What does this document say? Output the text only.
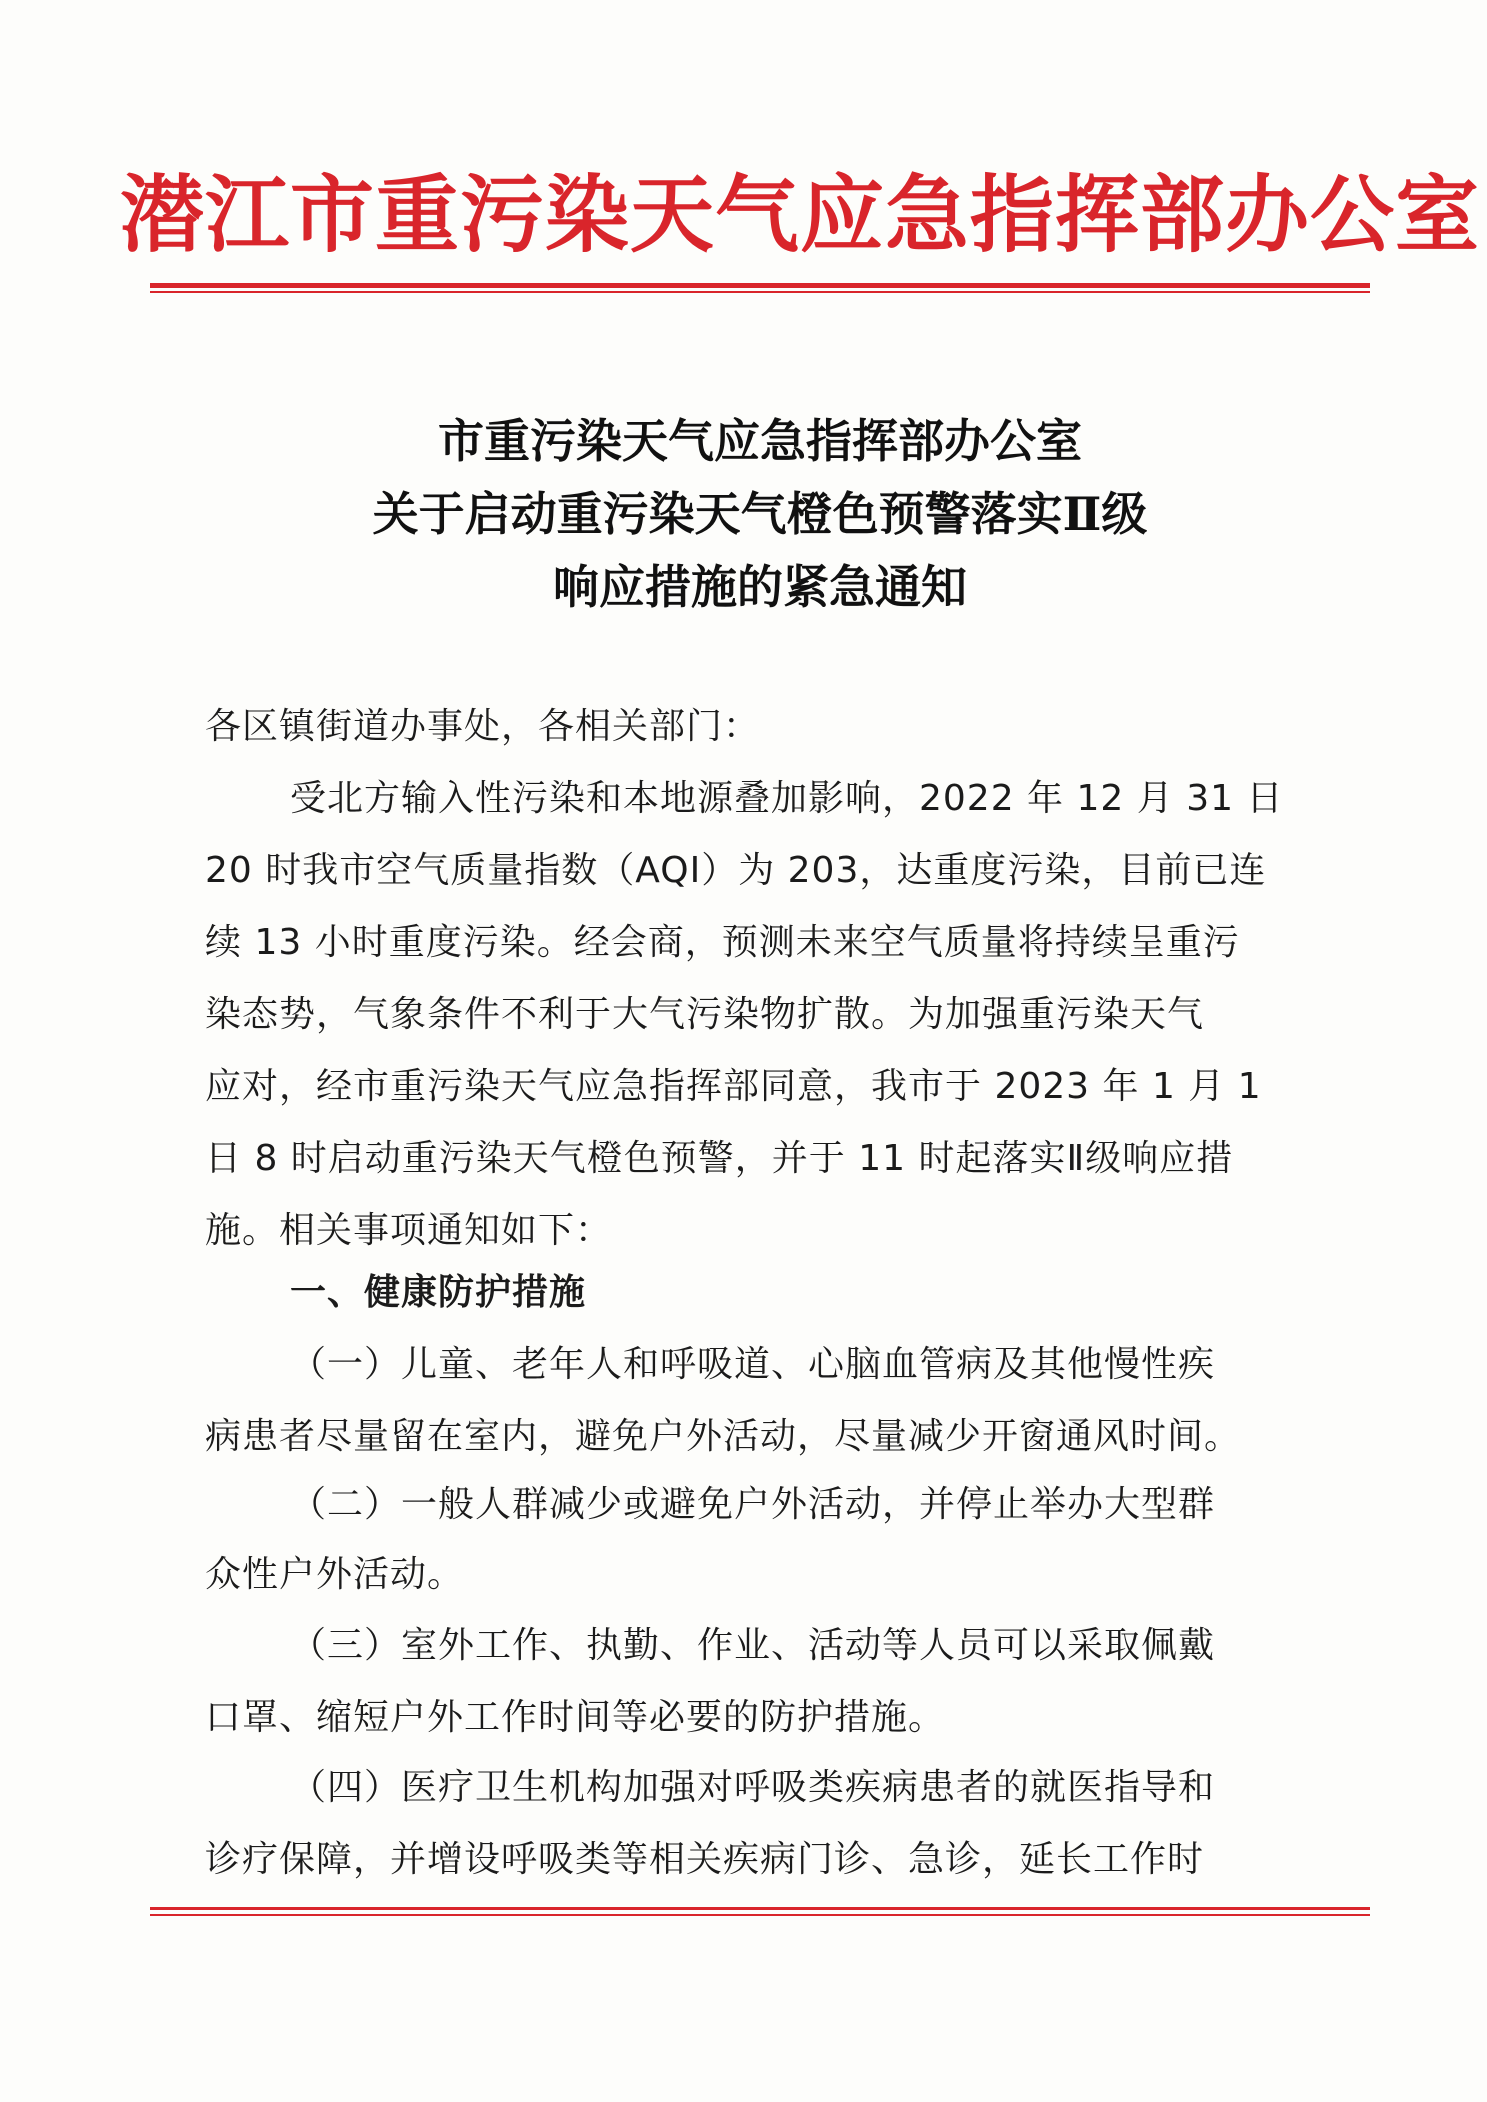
潜江市重污染天气应急指挥部办公室
市重污染天气应急指挥部办公室
关于启动重污染天气橙色预警落实Ⅱ级
响应措施的紧急通知
各区镇街道办事处，各相关部门：
受北方输入性污染和本地源叠加影响，2022 年 12 月 31 日
20 时我市空气质量指数（AQI）为 203，达重度污染，目前已连
续 13 小时重度污染。经会商，预测未来空气质量将持续呈重污
染态势，气象条件不利于大气污染物扩散。为加强重污染天气
应对，经市重污染天气应急指挥部同意，我市于 2023 年 1 月 1
日 8 时启动重污染天气橙色预警，并于 11 时起落实Ⅱ级响应措
施。相关事项通知如下：
一、健康防护措施
（一）儿童、老年人和呼吸道、心脑血管病及其他慢性疾
病患者尽量留在室内，避免户外活动，尽量减少开窗通风时间。
（二）一般人群减少或避免户外活动，并停止举办大型群
众性户外活动。
（三）室外工作、执勤、作业、活动等人员可以采取佩戴
口罩、缩短户外工作时间等必要的防护措施。
（四）医疗卫生机构加强对呼吸类疾病患者的就医指导和
诊疗保障，并增设呼吸类等相关疾病门诊、急诊，延长工作时
